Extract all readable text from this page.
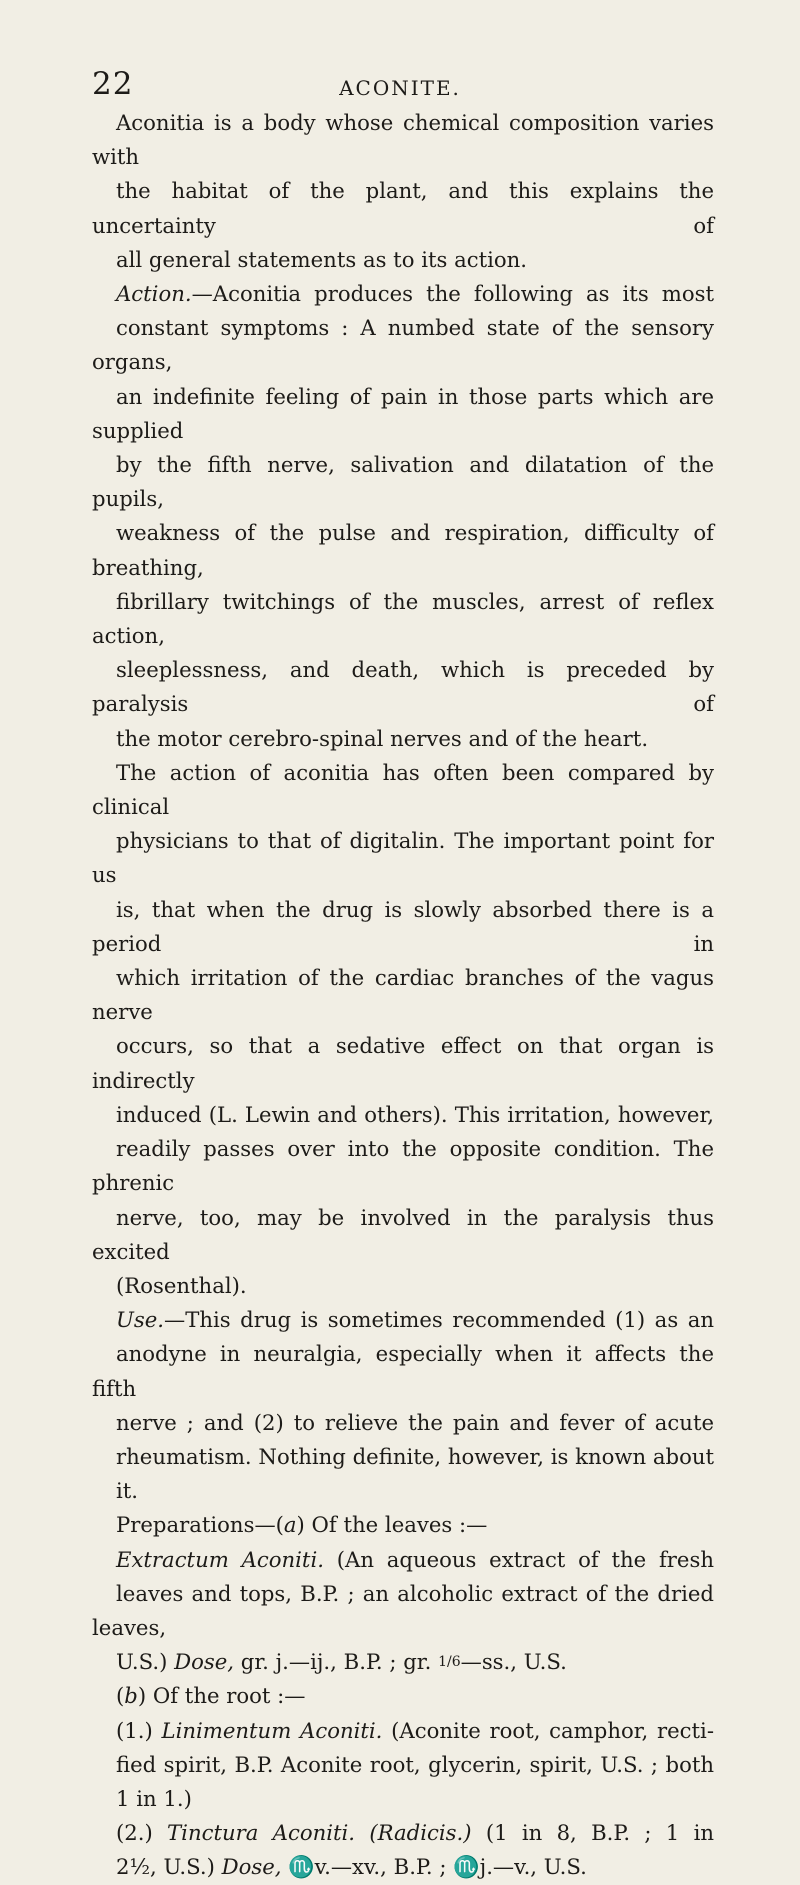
22	ACONITE.

Aconitia is a body whose chemical composition varies with
the habitat of the plant, and this explains the uncertainty of
all general statements as to its action.

Action.—Aconitia produces the following as its most
constant symptoms : A numbed state of the sensory organs,
an indefinite feeling of pain in those parts which are supplied
by the fifth nerve, salivation and dilatation of the pupils,
weakness of the pulse and respiration, difficulty of breathing,
fibrillary twitchings of the muscles, arrest of reflex action,
sleeplessness, and death, which is preceded by paralysis of
the motor cerebro-spinal nerves and of the heart.

The action of aconitia has often been compared by clinical
physicians to that of digitalin. The important point for us
is, that when the drug is slowly absorbed there is a period in
which irritation of the cardiac branches of the vagus nerve
occurs, so that a sedative effect on that organ is indirectly
induced (L. Lewin and others). This irritation, however,
readily passes over into the opposite condition. The phrenic
nerve, too, may be involved in the paralysis thus excited
(Rosenthal).

Use.—This drug is sometimes recommended (1) as an
anodyne in neuralgia, especially when it affects the fifth
nerve ; and (2) to relieve the pain and fever of acute
rheumatism. Nothing definite, however, is known about
it.

Preparations—(a) Of the leaves :—

Extractum Aconiti. (An aqueous extract of the fresh
leaves and tops, B.P. ; an alcoholic extract of the dried leaves,
U.S.) Dose, gr. j.—ij., B.P. ; gr. 1/6—ss., U.S.

(b) Of the root :—

(1.) Linimentum Aconiti. (Aconite root, camphor, recti-
fied spirit, B.P. Aconite root, glycerin, spirit, U.S. ; both
1 in 1.)

(2.) Tinctura Aconiti. (Radicis.) (1 in 8, B.P. ; 1 in
2½, U.S.) Dose, ♏v.—xv., B.P. ; ♏j.—v., U.S.
